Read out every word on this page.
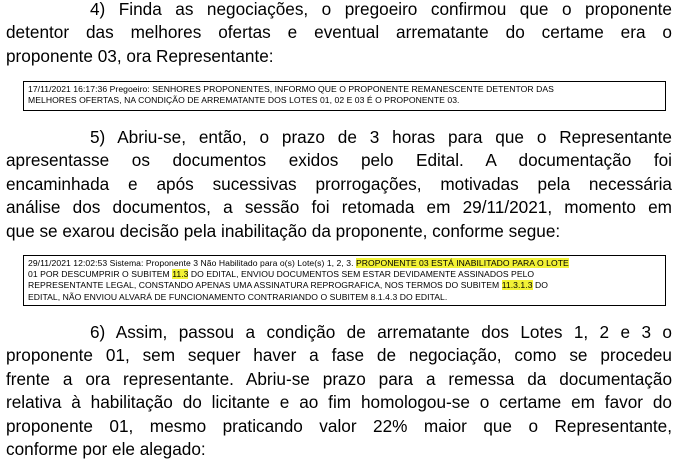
4) Finda as negociações, o pregoeiro confirmou que o proponente
detentor das melhores ofertas e eventual arrematante do certame era o
proponente 03, ora Representante:

17/11/2021 16:17:36 Pregoeiro: SENHORES PROPONENTES, INFORMO QUE O PROPONENTE REMANESCENTE DETENTOR DAS
MELHORES OFERTAS, NA CONDIÇÃO DE ARREMATANTE DOS LOTES 01, 02 E 03 É O PROPONENTE 03.

5) Abriu-se, então, o prazo de 3 horas para que o Representante
apresentasse os documentos exidos pelo Edital. A documentação foi
encaminhada e após sucessivas prorrogações, motivadas pela necessária
análise dos documentos, a sessão foi retomada em 29/11/2021, momento em
que se exarou decisão pela inabilitação da proponente, conforme segue:

29/11/2021 12:02:53 Sistema: Proponente 3 Não Habilitado para o(s) Lote(s) 1, 2, 3. PROPONENTE 03 ESTÁ INABILITADO PARA O LOTE
01 POR DESCUMPRIR O SUBITEM 11.3 DO EDITAL, ENVIOU DOCUMENTOS SEM ESTAR DEVIDAMENTE ASSINADOS PELO
REPRESENTANTE LEGAL, CONSTANDO APENAS UMA ASSINATURA REPROGRAFICA, NOS TERMOS DO SUBITEM 11.3.1.3 DO
EDITAL, NÃO ENVIOU ALVARÁ DE FUNCIONAMENTO CONTRARIANDO O SUBITEM 8.1.4.3 DO EDITAL.

6) Assim, passou a condição de arrematante dos Lotes 1, 2 e 3 o
proponente 01, sem sequer haver a fase de negociação, como se procedeu
frente a ora representante. Abriu-se prazo para a remessa da documentação
relativa à habilitação do licitante e ao fim homologou-se o certame em favor do
proponente 01, mesmo praticando valor 22% maior que o Representante,
conforme por ele alegado:
